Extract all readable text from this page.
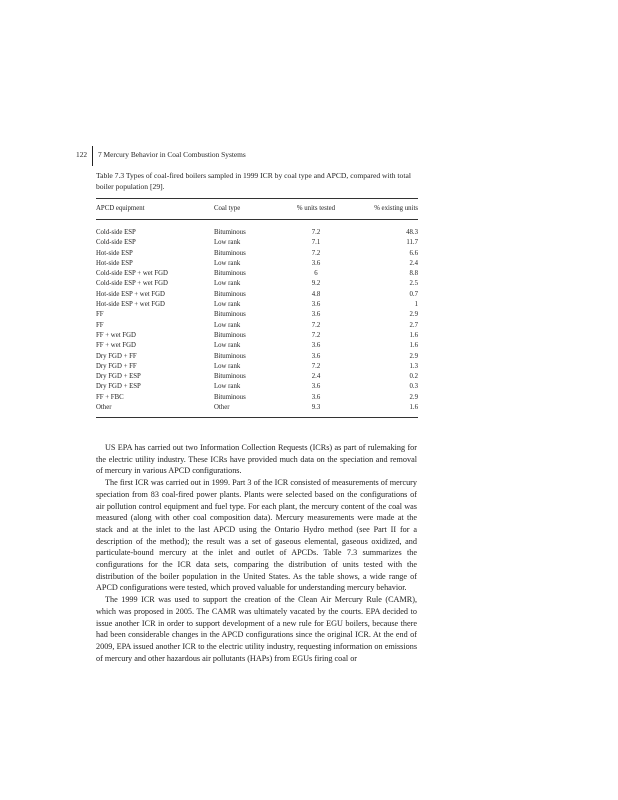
122 7 Mercury Behavior in Coal Combustion Systems
Table 7.3 Types of coal-fired boilers sampled in 1999 ICR by coal type and APCD, compared with total boiler population [29].
APCD equipment	Coal type	% units tested	% existing units
Cold-side ESP	Bituminous	7.2	48.3
Cold-side ESP	Low rank	7.1	11.7
Hot-side ESP	Bituminous	7.2	6.6
Hot-side ESP	Low rank	3.6	2.4
Cold-side ESP + wet FGD	Bituminous	6	8.8
Cold-side ESP + wet FGD	Low rank	9.2	2.5
Hot-side ESP + wet FGD	Bituminous	4.8	0.7
Hot-side ESP + wet FGD	Low rank	3.6	1
FF	Bituminous	3.6	2.9
FF	Low rank	7.2	2.7
FF + wet FGD	Bituminous	7.2	1.6
FF + wet FGD	Low rank	3.6	1.6
Dry FGD + FF	Bituminous	3.6	2.9
Dry FGD + FF	Low rank	7.2	1.3
Dry FGD + ESP	Bituminous	2.4	0.2
Dry FGD + ESP	Low rank	3.6	0.3
FF + FBC	Bituminous	3.6	2.9
Other	Other	9.3	1.6

US EPA has carried out two Information Collection Requests (ICRs) as part of rulemaking for the electric utility industry. These ICRs have provided much data on the speciation and removal of mercury in various APCD configurations.

The first ICR was carried out in 1999. Part 3 of the ICR consisted of measurements of mercury speciation from 83 coal-fired power plants. Plants were selected based on the configurations of air pollution control equipment and fuel type. For each plant, the mercury content of the coal was measured (along with other coal composition data). Mercury measurements were made at the stack and at the inlet to the last APCD using the Ontario Hydro method (see Part II for a description of the method); the result was a set of gaseous elemental, gaseous oxidized, and particulate-bound mercury at the inlet and outlet of APCDs. Table 7.3 summarizes the configurations for the ICR data sets, comparing the distribution of units tested with the distribution of the boiler population in the United States. As the table shows, a wide range of APCD configurations were tested, which proved valuable for understanding mercury behavior.

The 1999 ICR was used to support the creation of the Clean Air Mercury Rule (CAMR), which was proposed in 2005. The CAMR was ultimately vacated by the courts. EPA decided to issue another ICR in order to support development of a new rule for EGU boilers, because there had been considerable changes in the APCD configurations since the original ICR. At the end of 2009, EPA issued another ICR to the electric utility industry, requesting information on emissions of mercury and other hazardous air pollutants (HAPs) from EGUs firing coal or
